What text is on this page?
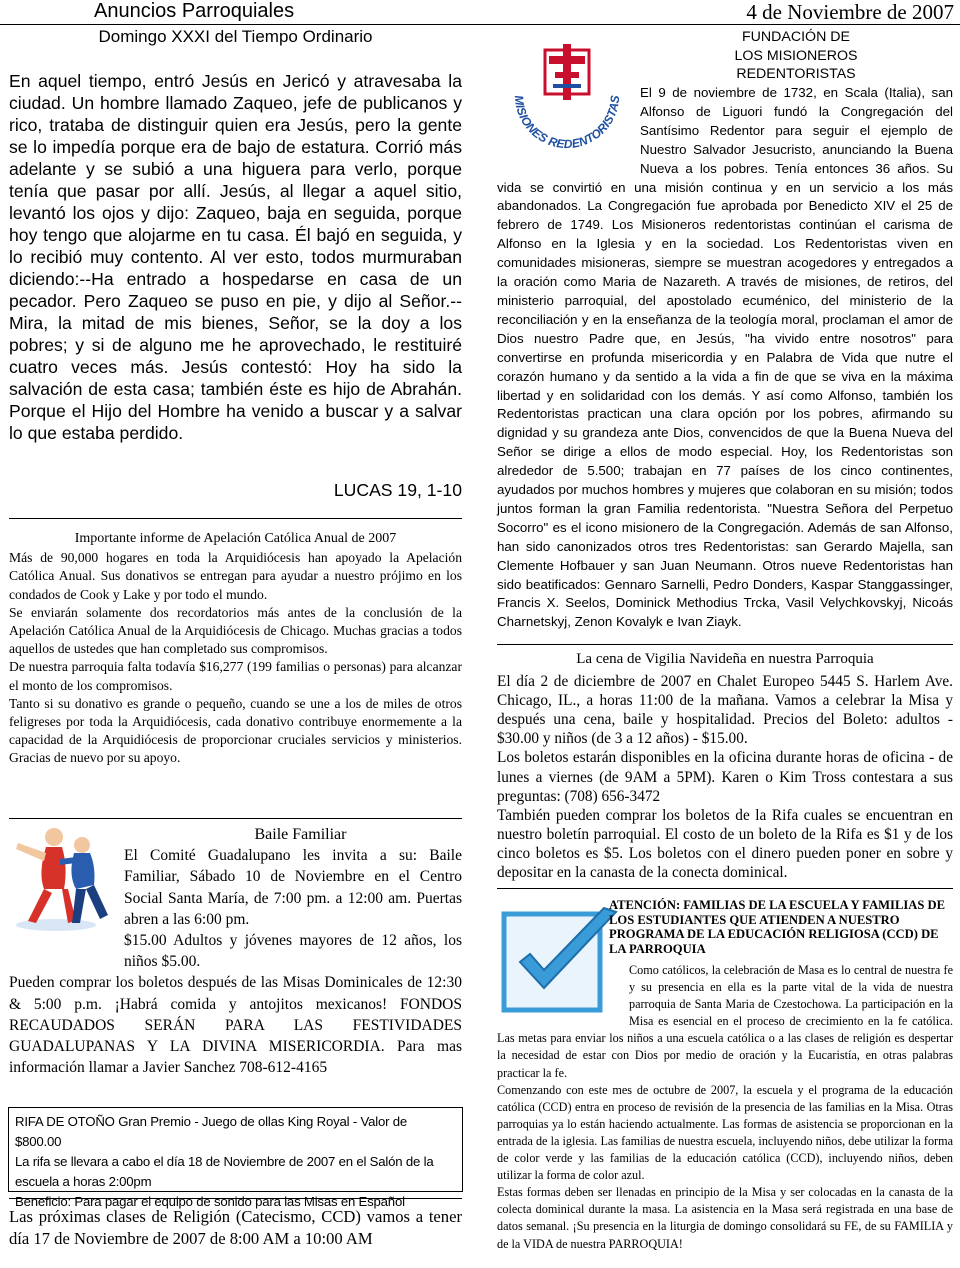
Anuncios Parroquiales
Domingo XXXI del Tiempo Ordinario
4 de Noviembre de 2007
En aquel tiempo, entró Jesús en Jericó y atravesaba la ciudad. Un hombre llamado Zaqueo, jefe de publicanos y rico, trataba de distinguir quien era Jesús, pero la gente se lo impedía porque era de bajo de estatura. Corrió más adelante y se subió a una higuera para verlo, porque tenía que pasar por allí. Jesús, al llegar a aquel sitio, levantó los ojos y dijo: Zaqueo, baja en seguida, porque hoy tengo que alojarme en tu casa. Él bajó en seguida, y lo recibió muy contento. Al ver esto, todos murmuraban diciendo:--Ha entrado a hospedarse en casa de un pecador. Pero Zaqueo se puso en pie, y dijo al Señor.--Mira, la mitad de mis bienes, Señor, se la doy a los pobres; y si de alguno me he aprovechado, le restituiré cuatro veces más. Jesús contestó: Hoy ha sido la salvación de esta casa; también éste es hijo de Abrahán. Porque el Hijo del Hombre ha venido a buscar y a salvar lo que estaba perdido.
LUCAS 19, 1-10

Importante informe de Apelación Católica Anual de 2007

Más de 90,000 hogares en toda la Arquidiócesis han apoyado la Apelación Católica Anual. Sus donativos se entregan para ayudar a nuestro prójimo en los condados de Cook y Lake y por todo el mundo.

Se enviarán solamente dos recordatorios más antes de la conclusión de la Apelación Católica Anual de la Arquidiócesis de Chicago. Muchas gracias a todos aquellos de ustedes que han completado sus compromisos.

De nuestra parroquia falta todavía $16,277 (199 familias o personas) para alcanzar el monto de los compromisos.

Tanto si su donativo es grande o pequeño, cuando se une a los de miles de otros feligreses por toda la Arquidiócesis, cada donativo contribuye enormemente a la capacidad de la Arquidiócesis de proporcionar cruciales servicios y ministerios. Gracias de nuevo por su apoyo.

Baile Familiar

El Comité Guadalupano les invita a su: Baile Familiar, Sábado 10 de Noviembre en el Centro Social Santa María, de 7:00 pm. a 12:00 am. Puertas abren a las 6:00 pm.

$15.00 Adultos y jóvenes mayores de 12 años, los niños $5.00.

Pueden comprar los boletos después de las Misas Dominicales de 12:30 & 5:00 p.m. ¡Habrá comida y antojitos mexicanos! FONDOS RECAUDADOS SERÁN PARA LAS FESTIVIDADES GUADALUPANAS Y LA DIVINA MISERICORDIA. Para mas información llamar a Javier Sanchez 708-612-4165

RIFA DE OTOÑO Gran Premio - Juego de ollas King Royal - Valor de $800.00

La rifa se llevara a cabo el día 18 de Noviembre de 2007 en el Salón de la escuela a horas 2:00pm

Beneficio: Para pagar el equipo de sonido para las Misas en Español

Las próximas clases de Religión (Catecismo, CCD) vamos a tener día 17 de Noviembre de 2007 de 8:00 AM a 10:00 AM
MISIONES REDENTORISTAS
FUNDACIÓN DE
LOS MISIONEROS
REDENTORISTAS
El 9 de noviembre de 1732, en Scala (Italia), san Alfonso de Liguori fundó la Congregación del Santísimo Redentor para seguir el ejemplo de Nuestro Salvador Jesucristo, anunciando la Buena Nueva a los pobres. Tenía entonces 36 años. Su vida se convirtió en una misión continua y en un servicio a los más abandonados. La Congregación fue aprobada por Benedicto XIV el 25 de febrero de 1749. Los Misioneros redentoristas continúan el carisma de Alfonso en la Iglesia y en la sociedad. Los Redentoristas viven en comunidades misioneras, siempre se muestran acogedores y entregados a la oración como Maria de Nazareth. A través de misiones, de retiros, del ministerio parroquial, del apostolado ecuménico, del ministerio de la reconciliación y en la enseñanza de la teología moral, proclaman el amor de Dios nuestro Padre que, en Jesús, "ha vivido entre nosotros" para convertirse en profunda misericordia y en Palabra de Vida que nutre el corazón humano y da sentido a la vida a fin de que se viva en la máxima libertad y en solidaridad con los demás. Y así como Alfonso, también los Redentoristas practican una clara opción por los pobres, afirmando su dignidad y su grandeza ante Dios, convencidos de que la Buena Nueva del Señor se dirige a ellos de modo especial. Hoy, los Redentoristas son alrededor de 5.500; trabajan en 77 países de los cinco continentes, ayudados por muchos hombres y mujeres que colaboran en su misión; todos juntos forman la gran Familia redentorista. "Nuestra Señora del Perpetuo Socorro" es el icono misionero de la Congregación. Además de san Alfonso, han sido canonizados otros tres Redentoristas: san Gerardo Majella, san Clemente Hofbauer y san Juan Neumann. Otros nueve Redentoristas han sido beatificados: Gennaro Sarnelli, Pedro Donders, Kaspar Stanggassinger, Francis X. Seelos, Dominick Methodius Trcka, Vasil Velychkovskyj, Nicoás Charnetskyj, Zenon Kovalyk e Ivan Ziayk.

La cena de Vigilia Navideña en nuestra Parroquia

El día 2 de diciembre de 2007 en Chalet Europeo 5445 S. Harlem Ave. Chicago, IL., a horas 11:00 de la mañana. Vamos a celebrar la Misa y después una cena, baile y hospitalidad. Precios del Boleto: adultos - $30.00 y niños (de 3 a 12 años) - $15.00.

Los boletos estarán disponibles en la oficina durante horas de oficina - de lunes a viernes (de 9AM a 5PM). Karen o Kim Tross contestara a sus preguntas: (708) 656-3472

También pueden comprar los boletos de la Rifa cuales se encuentran en nuestro boletín parroquial. El costo de un boleto de la Rifa es $1 y de los cinco boletos es $5. Los boletos con el dinero pueden poner en sobre y depositar en la canasta de la conecta dominical.

ATENCIÓN: FAMILIAS DE LA ESCUELA Y FAMILIAS DE LOS ESTUDIANTES QUE ATIENDEN A NUESTRO PROGRAMA DE LA EDUCACIÓN RELIGIOSA (CCD) DE LA PARROQUIA

Como católicos, la celebración de Masa es lo central de nuestra fe y su presencia en ella es la parte vital de la vida de nuestra parroquia de Santa Maria de Czestochowa. La participación en la Misa es esencial en el proceso de crecimiento en la fe católica. Las metas para enviar los niños a una escuela católica o a las clases de religión es despertar la necesidad de estar con Dios por medio de oración y la Eucaristía, en otras palabras practicar la fe.

Comenzando con este mes de octubre de 2007, la escuela y el programa de la educación católica (CCD) entra en proceso de revisión de la presencia de las familias en la Misa. Otras parroquias ya lo están haciendo actualmente. Las formas de asistencia se proporcionan en la entrada de la iglesia. Las familias de nuestra escuela, incluyendo niños, debe utilizar la forma de color verde y las familias de la educación católica (CCD), incluyendo niños, deben utilizar la forma de color azul.

Estas formas deben ser llenadas en principio de la Misa y ser colocadas en la canasta de la colecta dominical durante la masa. La asistencia en la Masa será registrada en una base de datos semanal. ¡Su presencia en la liturgia de domingo consolidará su FE, de su FAMILIA y de la VIDA de nuestra PARROQUIA!
